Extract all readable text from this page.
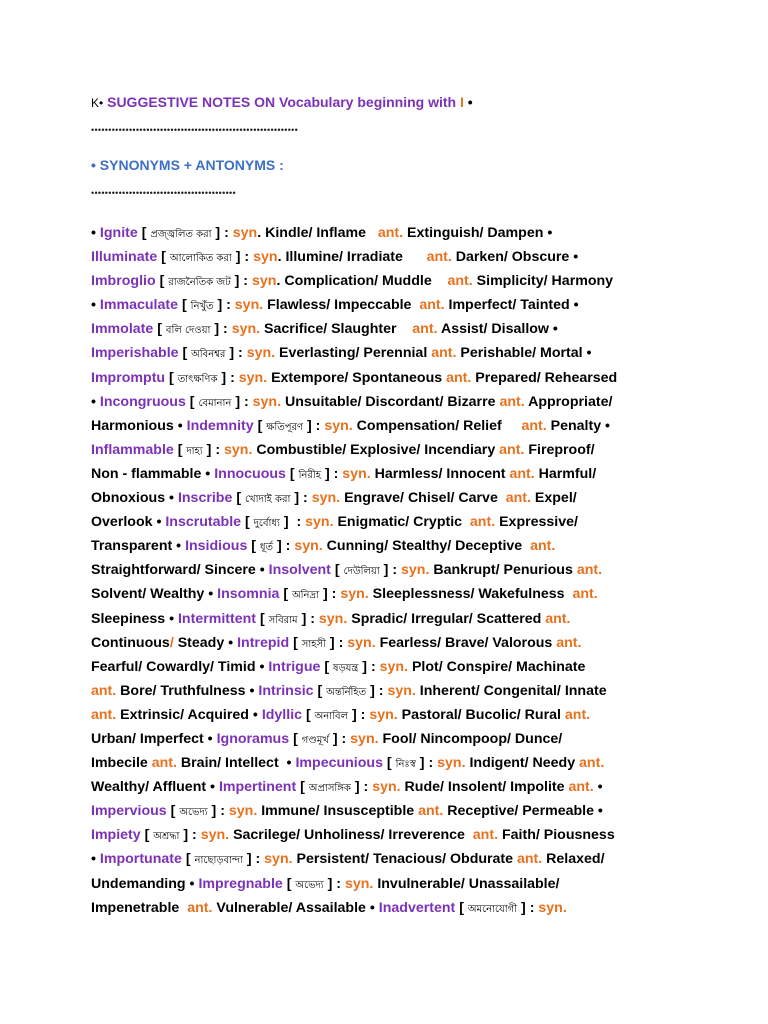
K• SUGGESTIVE NOTES ON Vocabulary beginning with I •
••••••••••••••••••••••••••••••••••••••••••••••••••••••••••••
• SYNONYMS + ANTONYMS :
••••••••••••••••••••••••••••••••••••••••••
• Ignite [ প্রজ্জ্বলিত করা ] : syn. Kindle/ Inflame   ant. Extinguish/ Dampen •
Illuminate [ আলোকিত করা ] : syn. Illumine/ Irradiate      ant. Darken/ Obscure •
Imbroglio [ রাজনৈতিক জট ] : syn. Complication/ Muddle    ant. Simplicity/ Harmony
• Immaculate [ নিখুঁত ] : syn. Flawless/ Impeccable  ant. Imperfect/ Tainted •
Immolate [ বলি দেওয়া ] : syn. Sacrifice/ Slaughter    ant. Assist/ Disallow •
Imperishable [ অবিনশ্বর ] : syn. Everlasting/ Perennial ant. Perishable/ Mortal •
Impromptu [ তাৎক্ষণিক ] : syn. Extempore/ Spontaneous ant. Prepared/ Rehearsed
• Incongruous [ বেমানান ] : syn. Unsuitable/ Discordant/ Bizarre ant. Appropriate/
Harmonious • Indemnity [ ক্ষতিপূরণ ] : syn. Compensation/ Relief     ant. Penalty •
Inflammable [ দাহ্য ] : syn. Combustible/ Explosive/ Incendiary ant. Fireproof/
Non - flammable • Innocuous [ নিরীহ ] : syn. Harmless/ Innocent ant. Harmful/
Obnoxious • Inscribe [ খোদাই করা ] : syn. Engrave/ Chisel/ Carve  ant. Expel/
Overlook • Inscrutable [ দুর্বোধ্য ]  : syn. Enigmatic/ Cryptic  ant. Expressive/
Transparent • Insidious [ ধূর্ত ] : syn. Cunning/ Stealthy/ Deceptive  ant.
Straightforward/ Sincere • Insolvent [ দেউলিয়া ] : syn. Bankrupt/ Penurious ant.
Solvent/ Wealthy • Insomnia [ অনিদ্রা ] : syn. Sleeplessness/ Wakefulness  ant.
Sleepiness • Intermittent [ সবিরাম ] : syn. Spradic/ Irregular/ Scattered ant.
Continuous/ Steady • Intrepid [ সাহসী ] : syn. Fearless/ Brave/ Valorous ant.
Fearful/ Cowardly/ Timid • Intrigue [ ষড়যন্ত্র ] : syn. Plot/ Conspire/ Machinate
ant. Bore/ Truthfulness • Intrinsic [ অন্তর্নিহিত ] : syn. Inherent/ Congenital/ Innate
ant. Extrinsic/ Acquired • Idyllic [ অনাবিল ] : syn. Pastoral/ Bucolic/ Rural ant.
Urban/ Imperfect • Ignoramus [ গণ্ডমূর্খ ] : syn. Fool/ Nincompoop/ Dunce/
Imbecile ant. Brain/ Intellect  • Impecunious [ নিঃস্ব ] : syn. Indigent/ Needy ant.
Wealthy/ Affluent • Impertinent [ অপ্রাসঙ্গিক ] : syn. Rude/ Insolent/ Impolite ant. •
Impervious [ অভেদ্য ] : syn. Immune/ Insusceptible ant. Receptive/ Permeable •
Impiety [ অশ্রদ্ধা ] : syn. Sacrilege/ Unholiness/ Irreverence  ant. Faith/ Piousness
• Importunate [ নাছোড়বান্দা ] : syn. Persistent/ Tenacious/ Obdurate ant. Relaxed/
Undemanding • Impregnable [ অভেদ্য ] : syn. Invulnerable/ Unassailable/
Impenetrable  ant. Vulnerable/ Assailable • Inadvertent [ অমনোযোগী ] : syn.
